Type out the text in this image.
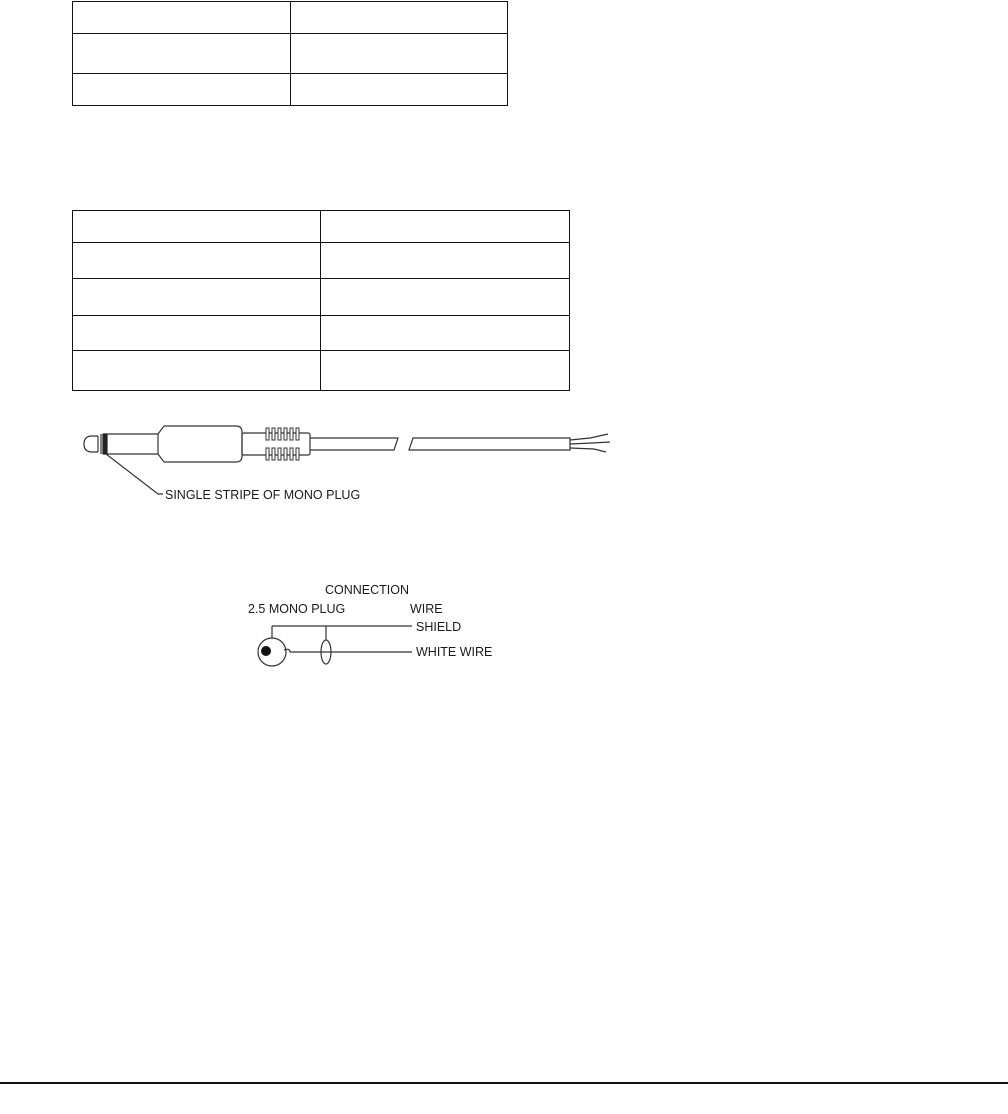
SINGLE STRIPE OF MONO PLUG
CONNECTION
2.5 MONO PLUG	WIRE
SHIELD
WHITE WIRE
